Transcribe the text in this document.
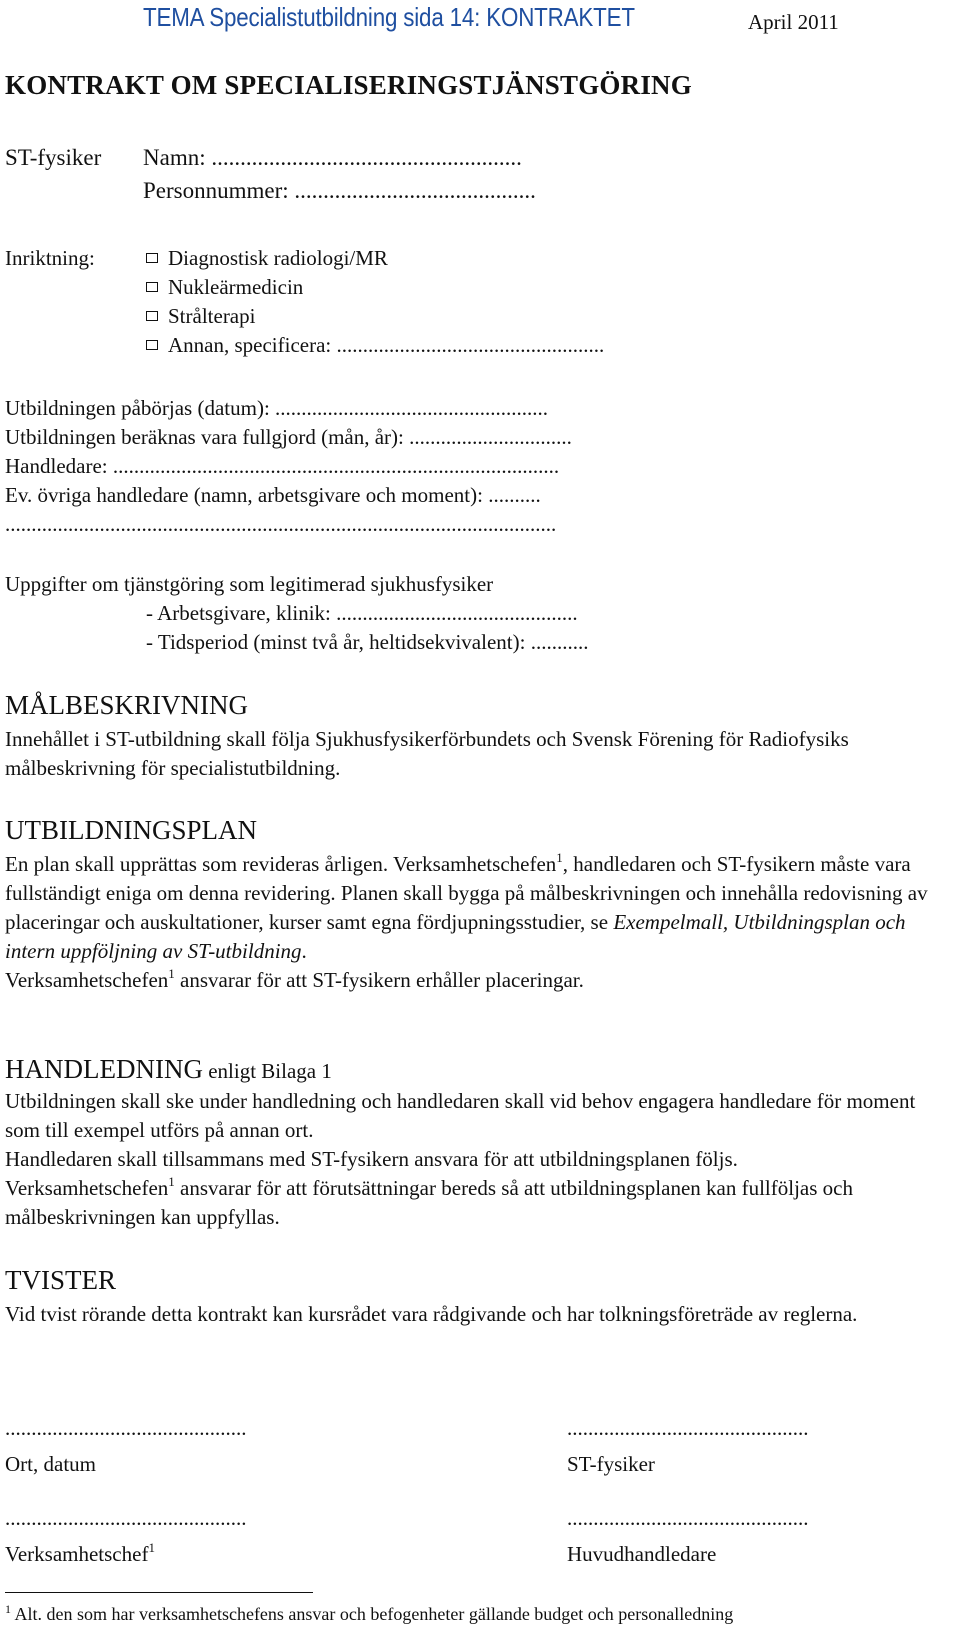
TEMA Specialistutbildning sida 14: KONTRAKTET	April 2011
KONTRAKT OM SPECIALISERINGSTJÄNSTGÖRING
ST-fysiker Namn: ......................................................
Personnummer: ..........................................
Inriktning:	Diagnostisk radiologi/MR
Nukleärmedicin
Strålterapi
Annan, specificera: ...................................................
Utbildningen påbörjas (datum): ....................................................
Utbildningen beräknas vara fullgjord (mån, år): ...............................
Handledare: .....................................................................................
Ev. övriga handledare (namn, arbetsgivare och moment): ..........
.........................................................................................................
Uppgifter om tjänstgöring som legitimerad sjukhusfysiker
- Arbetsgivare, klinik: ..............................................
- Tidsperiod (minst två år, heltidsekvivalent): ...........
MÅLBESKRIVNING
Innehållet i ST-utbildning skall följa Sjukhusfysikerförbundets och Svensk Förening för Radiofysiks målbeskrivning för specialistutbildning.
UTBILDNINGSPLAN

En plan skall upprättas som revideras årligen. Verksamhetschefen$^1$, handledaren och ST-fysikern måste vara fullständigt eniga om denna revidering. Planen skall bygga på målbeskrivningen och innehålla redovisning av placeringar och auskultationer, kurser samt egna fördjupningsstudier, se Exempelmall, Utbildningsplan och intern uppföljning av ST-utbildning.

Verksamhetschefen$^1$ ansvarar för att ST-fysikern erhåller placeringar.

HANDLEDNING enligt Bilaga 1

Utbildningen skall ske under handledning och handledaren skall vid behov engagera handledare för moment som till exempel utförs på annan ort.

Handledaren skall tillsammans med ST-fysikern ansvara för att utbildningsplanen följs.

Verksamhetschefen$^1$ ansvarar för att förutsättningar bereds så att utbildningsplanen kan fullföljas och målbeskrivningen kan uppfyllas.

TVISTER
Vid tvist rörande detta kontrakt kan kursrådet vara rådgivande och har tolkningsföreträde av reglerna.
..............................................	..............................................
Ort, datum	ST-fysiker
..............................................	..............................................
Verksamhetschef$^1$	Huvudhandledare
$^1$ Alt. den som har verksamhetschefens ansvar och befogenheter gällande budget och personalledning
